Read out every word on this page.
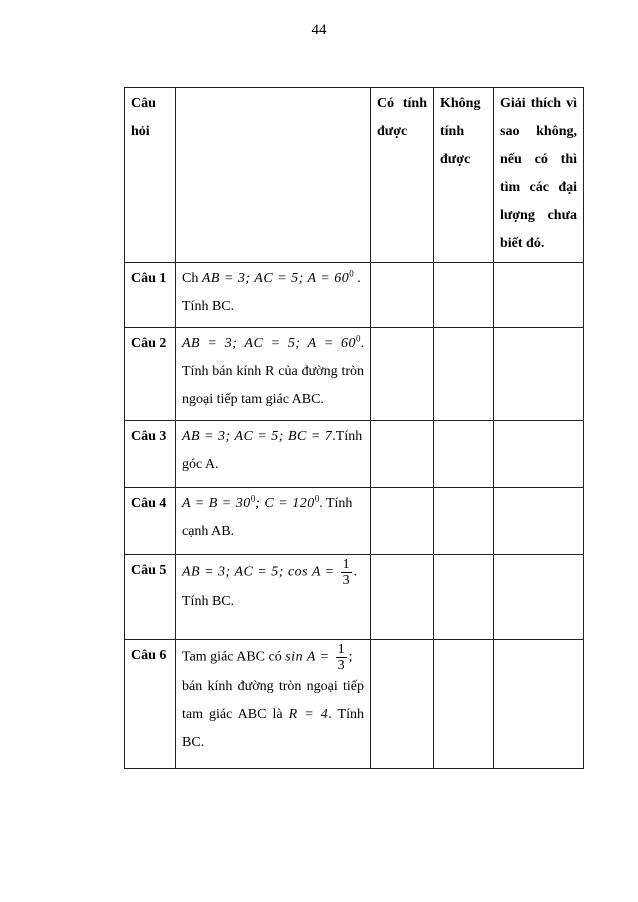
44
Câu hỏi		Có tính được	Không tính được	Giải thích vì sao không, nếu có thì tìm các đại lượng chưa biết đó.
Câu 1	Ch AB = 3; AC = 5; $A = 60^0$ .
Tính BC.			
Câu 2	AB = 3; AC = 5; $A = 60^0$. Tính bán kính R của đường tròn ngoại tiếp tam giác ABC.			
Câu 3	AB = 3; AC = 5; BC = 7.Tính góc A.			
Câu 4	$A = B = 30^0$; $C = 120^0$. Tính cạnh AB.			
Câu 5	AB = 3; AC = 5; $\cos A = \frac{1}{3}$ .
Tính BC.			
Câu 6	Tam giác ABC có $\sin A = \frac{1}{3}$ ;
bán kính đường tròn ngoại tiếp tam giác ABC là R = 4. Tính BC.			
